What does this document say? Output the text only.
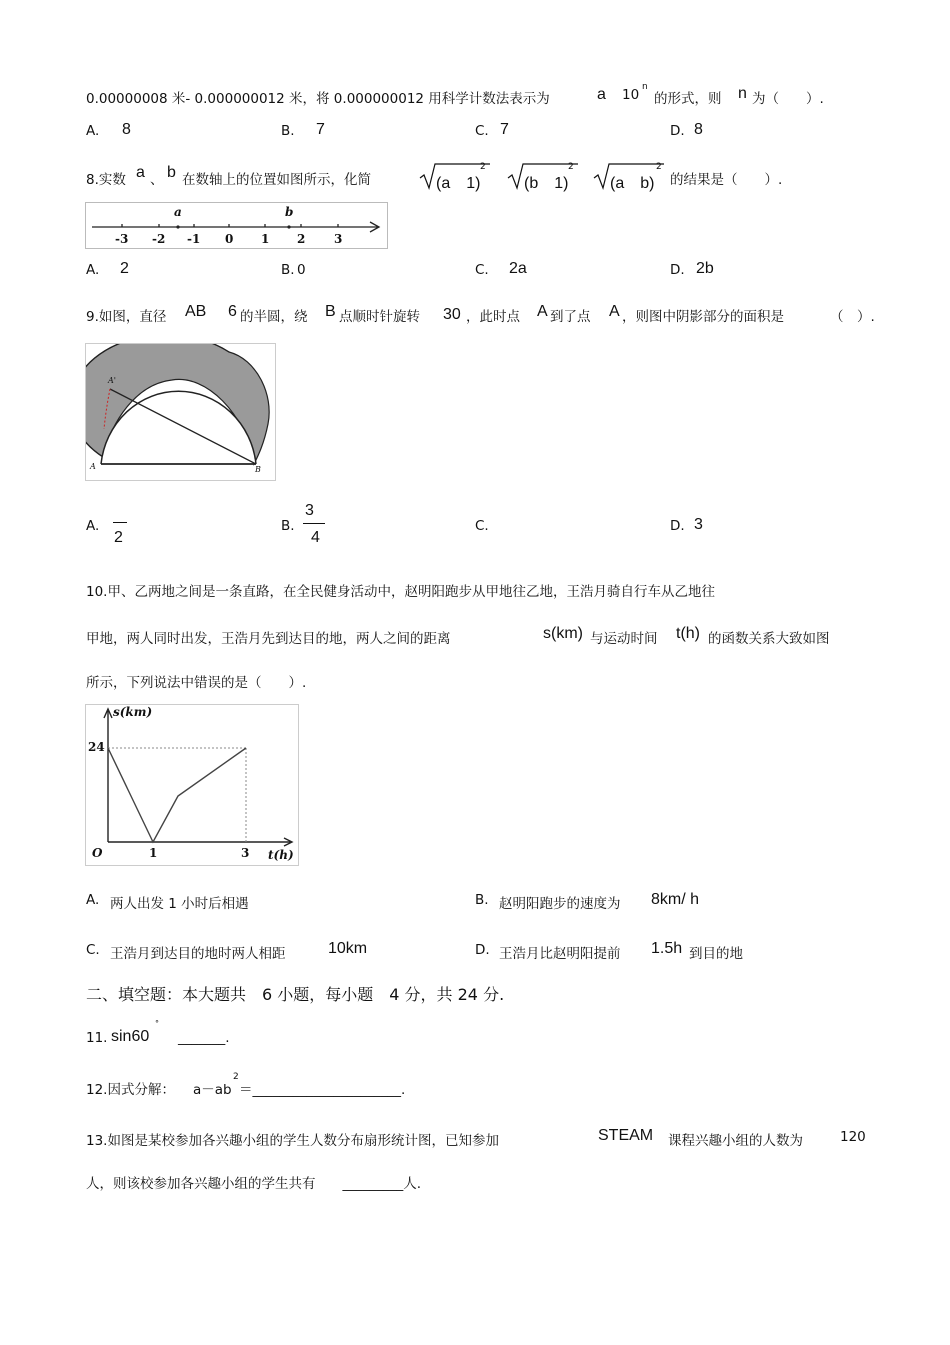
0.00000008 米- 0.000000012 米，将 0.000000012 用科学计数法表示为	a 10 n
的形式，则 n 为（　　）.
A. 8	B. 7	C. 7	D. 8
8.实数 a 、 b 在数轴上的位置如图所示，化简	(a　1)
2
(b　1)
2
(a　b)
2
的结果是（　　）.
a	b
-3 -2 -1 0 1 2 3
A. 2	B. 0	C. 2a	D. 2b
9.如图，直径 AB 6 的半圆，绕 B 点顺时针旋转 30 ，此时点 A 到了点 A ，则图中阴影部分的面积是	（　）.
A'
A	B
A.
2
B.
3
4
C.	D. 3
10.甲、乙两地之间是一条直路，在全民健身活动中，赵明阳跑步从甲地往乙地，王浩月骑自行车从乙地往
甲地，两人同时出发，王浩月先到达目的地，两人之间的距离	s(km) 与运动时间 t(h) 的函数关系大致如图
所示，下列说法中错误的是（　　）.
s(km)
24
O	1	3 t(h)
A. 两人出发 1 小时后相遇	B. 赵明阳跑步的速度为 8km/ h
C. 王浩月到达目的地时两人相距	10km	D. 王浩月比赵明阳提前 1.5h 到目的地
二、填空题：本大题共　6 小题，每小题　4 分，共 24 分.
11. sin60
°
_______.
12.因式分解： a－ab
2
＝______________________.
13.如图是某校参加各兴趣小组的学生人数分布扇形统计图，已知参加	STEAM 课程兴趣小组的人数为	120
人，则该校参加各兴趣小组的学生共有　　_________人.
